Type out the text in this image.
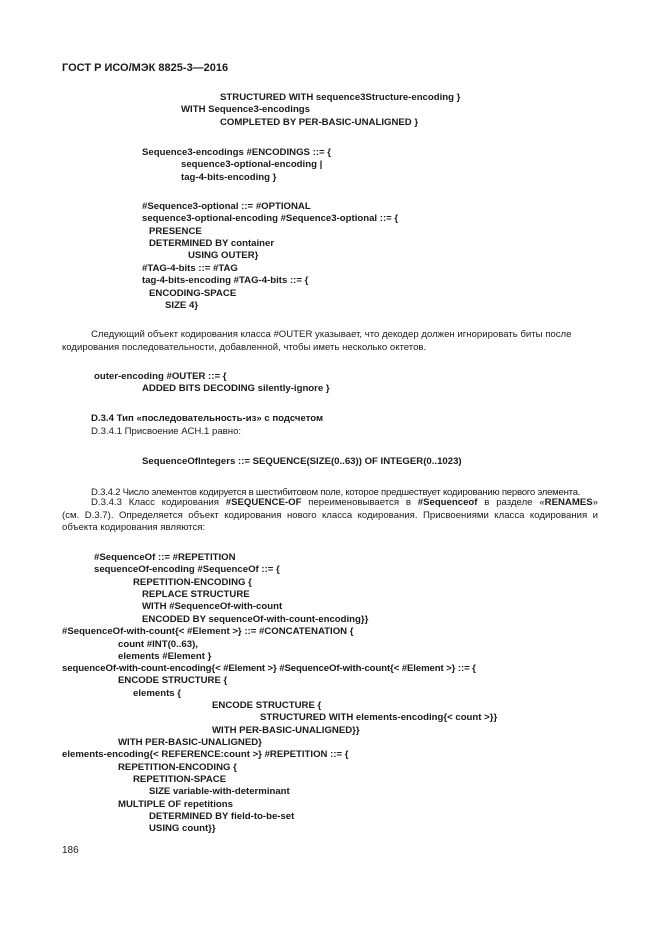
ГОСТ Р ИСО/МЭК 8825-3—2016
STRUCTURED WITH sequence3Structure-encoding }
WITH Sequence3-encodings
COMPLETED BY PER-BASIC-UNALIGNED }
Sequence3-encodings #ENCODINGS ::= {
sequence3-optional-encoding |
tag-4-bits-encoding }
#Sequence3-optional ::= #OPTIONAL
sequence3-optional-encoding #Sequence3-optional ::= {
PRESENCE
DETERMINED BY container
USING OUTER}
#TAG-4-bits ::= #TAG
tag-4-bits-encoding #TAG-4-bits ::= {
ENCODING-SPACE
SIZE 4}

Следующий объект кодирования класса #OUTER указывает, что декодер должен игнорировать биты после

кодирования последовательности, добавленной, чтобы иметь несколько октетов.

outer-encoding #OUTER ::= {
ADDED BITS DECODING silently-ignore }
D.3.4 Тип «последовательность-из» с подсчетом
D.3.4.1 Присвоение АСН.1 равно:
SequenceOfIntegers ::= SEQUENCE(SIZE(0..63)) OF INTEGER(0..1023)
D.3.4.2 Число элементов кодируется в шестибитовом поле, которое предшествует кодированию первого элемента.

D.3.4.3 Класс кодирования #SEQUENCE-OF переименовывается в #Sequenceof в разделе «RENAMES»

(см. D.3.7). Определяется объект кодирования нового класса кодирования. Присвоениями класса кодирования и

объекта кодирования являются:

#SequenceOf ::= #REPETITION
sequenceOf-encoding #SequenceOf ::= {
REPETITION-ENCODING {
REPLACE STRUCTURE
WITH #SequenceOf-with-count
ENCODED BY sequenceOf-with-count-encoding}}
#SequenceOf-with-count{< #Element >} ::= #CONCATENATION {
count #INT(0..63),
elements #Element }
sequenceOf-with-count-encoding{< #Element >} #SequenceOf-with-count{< #Element >} ::= {
ENCODE STRUCTURE {
elements {
ENCODE STRUCTURE {
STRUCTURED WITH elements-encoding{< count >}}
WITH PER-BASIC-UNALIGNED}}
WITH PER-BASIC-UNALIGNED}
elements-encoding{< REFERENCE:count >} #REPETITION ::= {
REPETITION-ENCODING {
REPETITION-SPACE
SIZE variable-with-determinant
MULTIPLE OF repetitions
DETERMINED BY field-to-be-set
USING count}}
186
